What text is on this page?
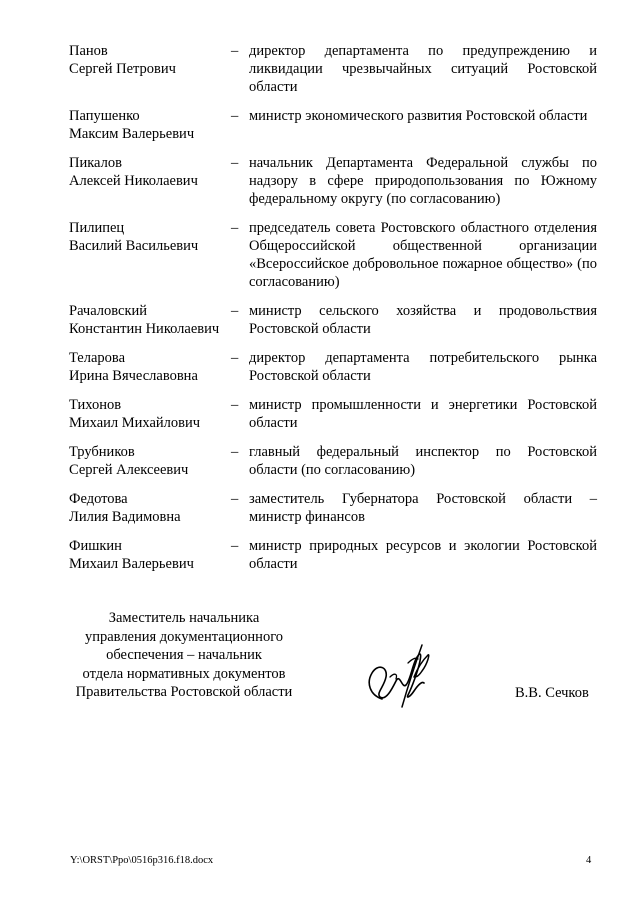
Панов
Сергей Петрович
– директор департамента по предупреждению и ликвидации чрезвычайных ситуаций Ростовской области
Папушенко
Максим Валерьевич
– министр экономического развития Ростовской области
Пикалов
Алексей Николаевич
– начальник Департамента Федеральной службы по надзору в сфере природопользования по Южному федеральному округу (по согласованию)
Пилипец
Василий Васильевич
– председатель совета Ростовского областного отделения Общероссийской общественной организации «Всероссийское добровольное пожарное общество» (по согласованию)
Рачаловский
Константин Николаевич
– министр сельского хозяйства и продовольствия Ростовской области
Теларова
Ирина Вячеславовна
– директор департамента потребительского рынка Ростовской области
Тихонов
Михаил Михайлович
– министр промышленности и энергетики Ростовской области
Трубников
Сергей Алексеевич
– главный федеральный инспектор по Ростовской области (по согласованию)
Федотова
Лилия Вадимовна
– заместитель Губернатора Ростовской области – министр финансов
Фишкин
Михаил Валерьевич
– министр природных ресурсов и экологии Ростовской области
Заместитель начальника
управления документационного
обеспечения – начальник
отдела нормативных документов
Правительства Ростовской области	В.В. Сечков
Y:\ORST\Ppo\0516p316.f18.docx	4
